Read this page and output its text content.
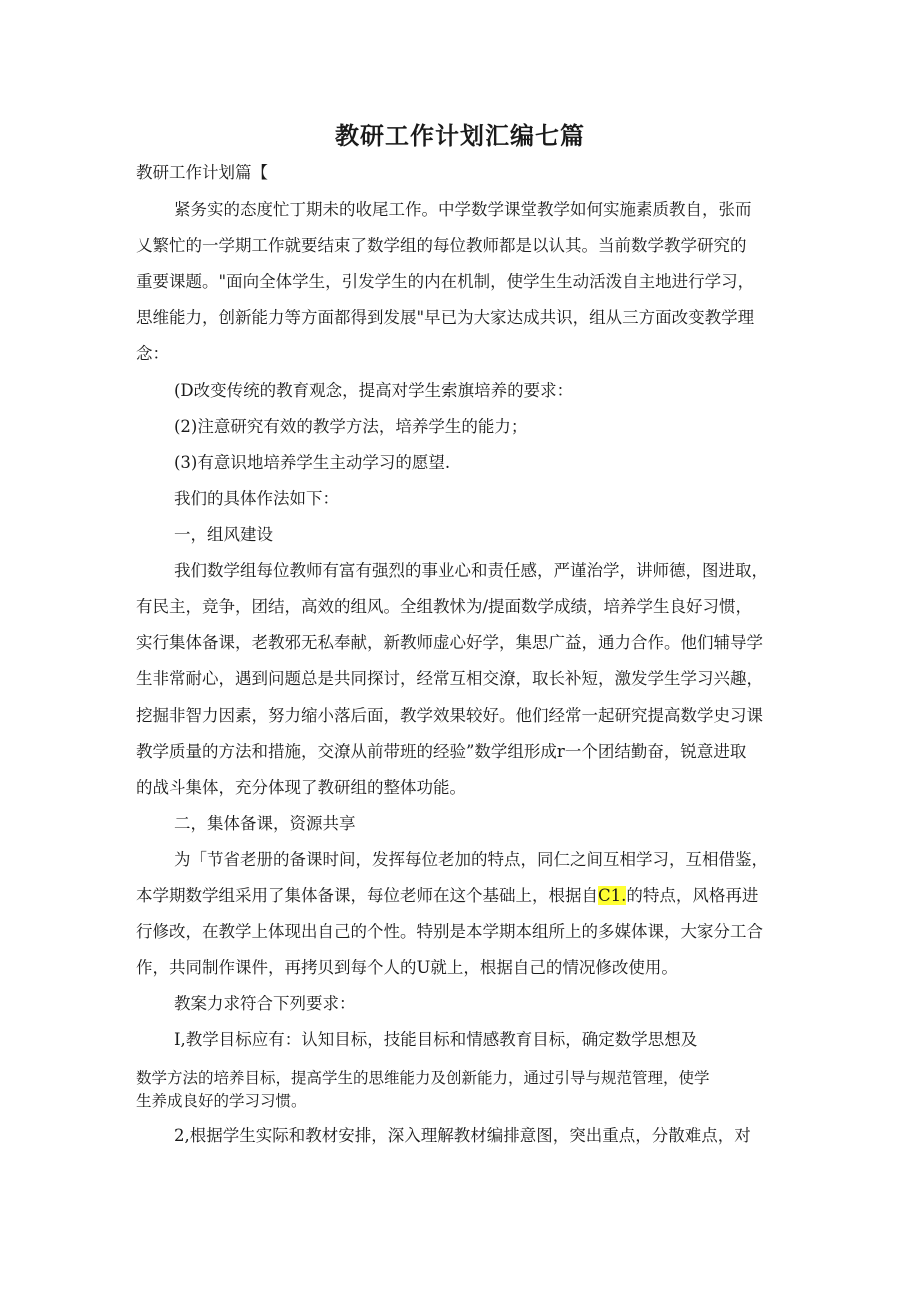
教研工作计划汇编七篇
教研工作计划篇【
紧务实的态度忙丁期未的收尾工作。中学数学课堂教学如何实施素质教自，张而
乂繁忙的一学期工作就要结束了数学组的每位教师都是以认其。当前数学教学研究的
重要课题。"面向全体学生，引发学生的内在机制，使学生生动活泼自主地进行学习，
思维能力，创新能力等方面都得到发展"早已为大家达成共识，组从三方面改变教学理
念：
(D改变传统的教育观念，提高对学生索旗培养的要求：
(2)注意研究有效的教学方法，培养学生的能力；
(3)有意识地培养学生主动学习的愿望.
我们的具体作法如下：
一，组风建设
我们数学组每位教师有富有强烈的事业心和责任感，严谨治学，讲师德，图进取，
有民主，竞争，团结，高效的组风。全组教怵为/提面数学成绩，培养学生良好习惯，
实行集体备课，老教邪无私奉献，新教师虚心好学，集思广益，通力合作。他们辅导学
生非常耐心，遇到问题总是共同探讨，经常互相交潦，取长补短，激发学生学习兴趣，
挖掘非智力因素，努力缩小落后面，教学效果较好。他们经常一起研究提高数学史习课
教学质量的方法和措施，交潦从前带班的经验”数学组形成r一个团结勤奋，锐意进取
的战斗集体，充分体现了教研组的整体功能。
二，集体备课，资源共享
为「节省老册的备课时间，发挥每位老加的特点，同仁之间互相学习，互相借鉴，
本学期数学组采用了集体备课，每位老师在这个基础上，根据自C1.的特点，风格再进
行修改，在教学上体现出自己的个性。特别是本学期本组所上的多媒体课，大家分工合
作，共同制作课件，再拷贝到每个人的U就上，根据自己的情况修改使用。
教案力求符合下列要求：
I,教学目标应有：认知目标，技能目标和情感教育目标，确定数学思想及
数学方法的培养目标，提高学生的思维能力及创新能力，通过引导与规范管理，使学
生养成良好的学习习惯。
2,根据学生实际和教材安排，深入理解教材编排意图，突出重点，分散难点，对
